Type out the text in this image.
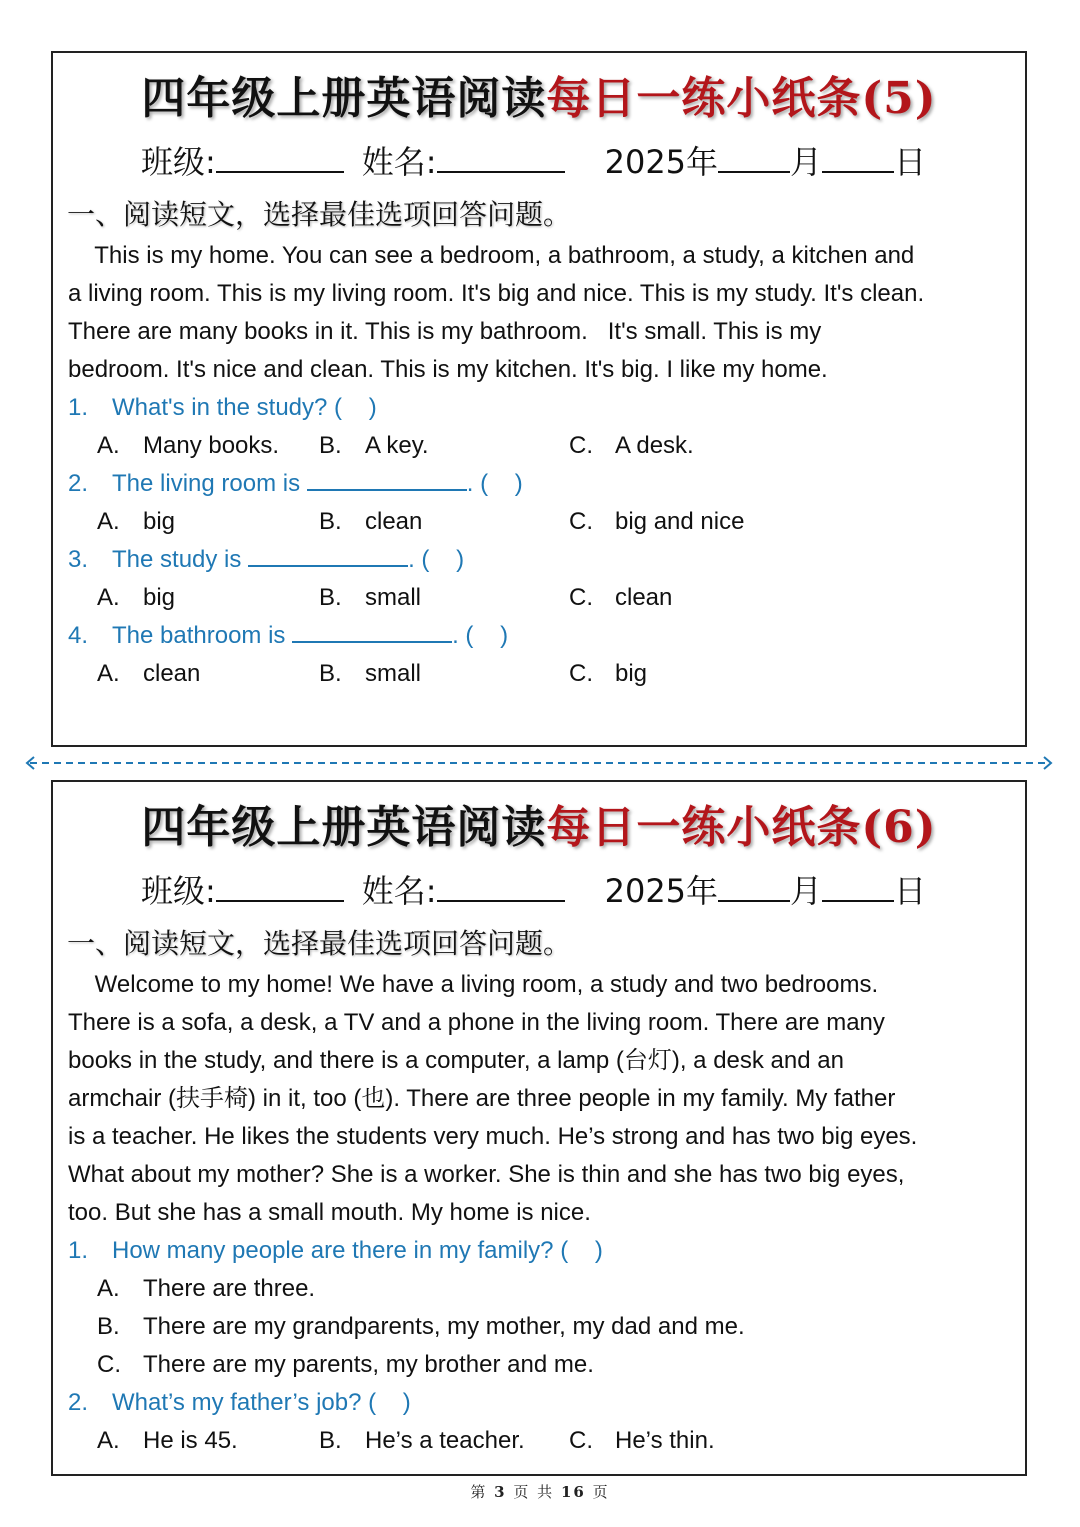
四年级上册英语阅读每日一练小纸条(5)
班级:	姓名:	2025年 月 日
一、阅读短文，选择最佳选项回答问题。
This is my home. You can see a bedroom, a bathroom, a study, a kitchen and
a living room. This is my living room. It's big and nice. This is my study. It's clean.
There are many books in it. This is my bathroom.   It's small. This is my
bedroom. It's nice and clean. This is my kitchen. It's big. I like my home.
1. What's in the study? (    )
A. Many books. B. A key.	C. A desk.
2. The living room is	. (    )
A. big	B. clean	C. big and nice
3. The study is	. (    )
A. big	B. small	C. clean
4. The bathroom is	. (    )
A. clean	B. small	C. big
四年级上册英语阅读每日一练小纸条(6)
班级:	姓名:	2025年 月 日
一、阅读短文，选择最佳选项回答问题。
Welcome to my home! We have a living room, a study and two bedrooms.
There is a sofa, a desk, a TV and a phone in the living room. There are many
books in the study, and there is a computer, a lamp (台灯), a desk and an
armchair (扶手椅) in it, too (也). There are three people in my family. My father
is a teacher. He likes the students very much. He’s strong and has two big eyes.
What about my mother? She is a worker. She is thin and she has two big eyes,
too. But she has a small mouth. My home is nice.
1. How many people are there in my family? (    )
A. There are three.
B. There are my grandparents, my mother, my dad and me.
C. There are my parents, my brother and me.
2. What’s my father’s job? (    )
A. He is 45.	B. He’s a teacher. C. He’s thin.
第 3 页 共 16 页
